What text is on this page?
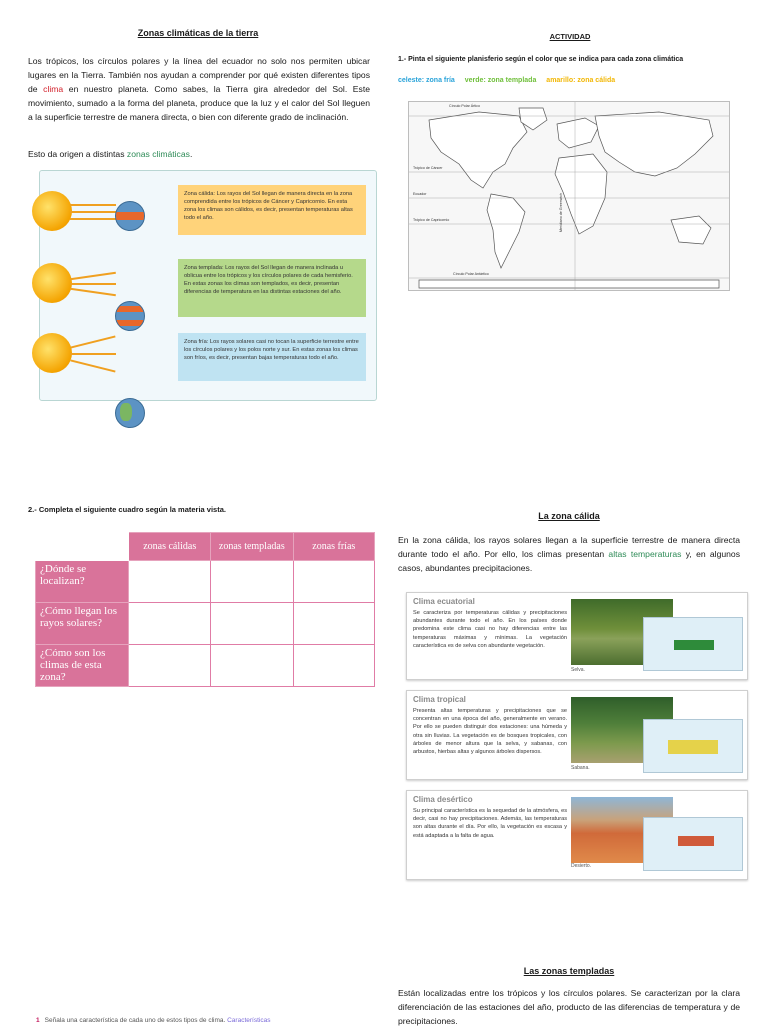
Zonas climáticas de la tierra
Los trópicos, los círculos polares y la línea del ecuador no solo nos permiten ubicar lugares en la Tierra. También nos ayudan a comprender por qué existen diferentes tipos de clima en nuestro planeta. Como sabes, la Tierra gira alrededor del Sol. Este movimiento, sumado a la forma del planeta, produce que la luz y el calor del Sol lleguen a la superficie terrestre de manera directa, o bien con diferente grado de inclinación.
Esto da origen a distintas zonas climáticas.
Zona cálida: Los rayos del Sol llegan de manera directa en la zona comprendida entre los trópicos de Cáncer y Capricornio. En esta zona los climas son cálidos, es decir, presentan temperaturas altas todo el año.
Zona templada: Los rayos del Sol llegan de manera inclinada u oblicua entre los trópicos y los círculos polares de cada hemisferio. En estas zonas los climas son templados, es decir, presentan diferencias de temperatura en las distintas estaciones del año.
Zona fría: Los rayos solares casi no tocan la superficie terrestre entre los círculos polares y los polos norte y sur. En estas zonas los climas son fríos, es decir, presentan bajas temperaturas todo el año.
2.- Completa el siguiente cuadro según la materia vista.
	zonas cálidas	zonas templadas	zonas frías
¿Dónde se localizan?			
¿Cómo llegan los rayos solares?			
¿Cómo son los climas de esta zona?			
1 Señala una característica de cada uno de estos tipos de clima. Características
ACTIVIDAD
1.- Pinta el siguiente planisferio según el color que se indica para cada zona climática
celeste: zona fría verde: zona templada amarillo: zona cálida
Círculo Polar Ártico
Trópico de Cáncer
Ecuador
Trópico de Capricornio
Círculo Polar Antártico
Meridiano de Greenwich
La zona cálida
En la zona cálida, los rayos solares llegan a la superficie terrestre de manera directa durante todo el año. Por ello, los climas presentan altas temperaturas y, en algunos casos, abundantes precipitaciones.
Clima ecuatorial
Se caracteriza por temperaturas cálidas y precipitaciones abundantes durante todo el año. En los países donde predomina este clima casi no hay diferencias entre las temperaturas máximas y mínimas. La vegetación característica es de selva con abundante vegetación.
Selva.
Clima tropical
Presenta altas temperaturas y precipitaciones que se concentran en una época del año, generalmente en verano. Por ello se pueden distinguir dos estaciones: una húmeda y otra sin lluvias. La vegetación es de bosques tropicales, con árboles de menor altura que la selva, y sabanas, con arbustos, hierbas altas y algunos árboles dispersos.
Sabana.
Clima desértico
Su principal característica es la sequedad de la atmósfera, es decir, casi no hay precipitaciones. Además, las temperaturas son altas durante el día. Por ello, la vegetación es escasa y está adaptada a la falta de agua.
Desierto.
Las zonas templadas
Están localizadas entre los trópicos y los círculos polares. Se caracterizan por la clara diferenciación de las estaciones del año, producto de las diferencias de temperatura y de precipitaciones.
